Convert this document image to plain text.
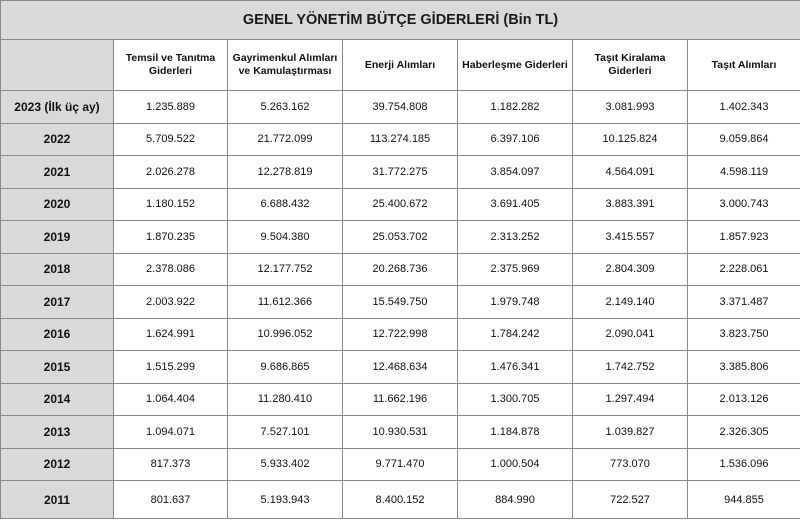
GENEL YÖNETİM BÜTÇE GİDERLERİ (Bin TL)						
	Temsil ve Tanıtma Giderleri	Gayrimenkul Alımları ve Kamulaştırması	Enerji Alımları	Haberleşme Giderleri	Taşıt Kiralama Giderleri	Taşıt Alımları
2023 (İlk üç ay)	1.235.889	5.263.162	39.754.808	1.182.282	3.081.993	1.402.343
2022	5.709.522	21.772.099	113.274.185	6.397.106	10.125.824	9.059.864
2021	2.026.278	12.278.819	31.772.275	3.854.097	4.564.091	4.598.119
2020	1.180.152	6.688.432	25.400.672	3.691.405	3.883.391	3.000.743
2019	1.870.235	9.504.380	25.053.702	2.313.252	3.415.557	1.857.923
2018	2.378.086	12.177.752	20.268.736	2.375.969	2.804.309	2.228.061
2017	2.003.922	11.612.366	15.549.750	1.979.748	2.149.140	3.371.487
2016	1.624.991	10.996.052	12.722.998	1.784.242	2.090.041	3.823.750
2015	1.515.299	9.686.865	12.468.634	1.476.341	1.742.752	3.385.806
2014	1.064.404	11.280.410	11.662.196	1.300.705	1.297.494	2.013.126
2013	1.094.071	7.527.101	10.930.531	1.184.878	1.039.827	2.326.305
2012	817.373	5.933.402	9.771.470	1.000.504	773.070	1.536.096
2011	801.637	5.193.943	8.400.152	884.990	722.527	944.855
